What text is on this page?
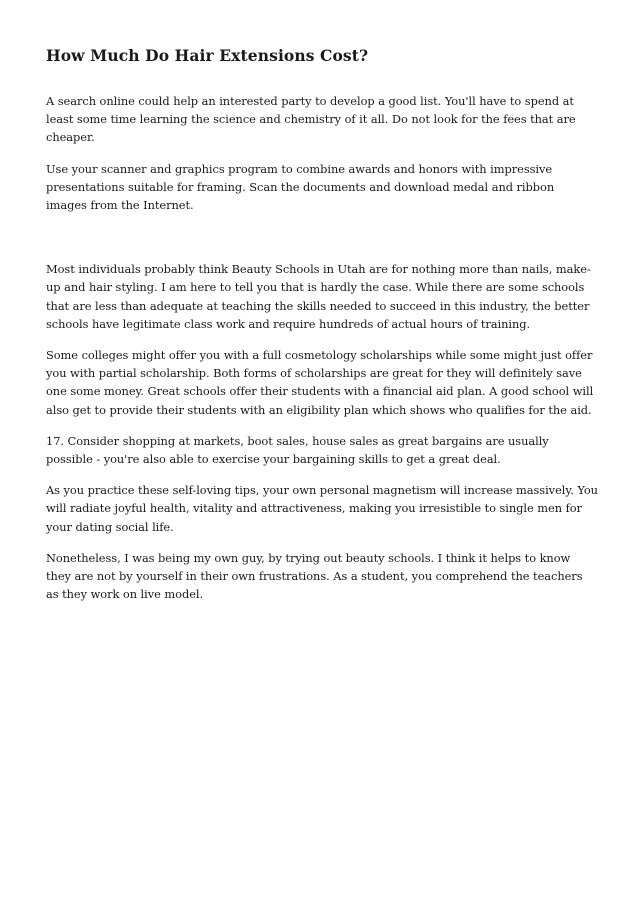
How Much Do Hair Extensions Cost?

A search online could help an interested party to develop a good list. You'll have to spend at least some time learning the science and chemistry of it all. Do not look for the fees that are cheaper.

Use your scanner and graphics program to combine awards and honors with impressive presentations suitable for framing. Scan the documents and download medal and ribbon images from the Internet.

Most individuals probably think Beauty Schools in Utah are for nothing more than nails, make-up and hair styling. I am here to tell you that is hardly the case. While there are some schools that are less than adequate at teaching the skills needed to succeed in this industry, the better schools have legitimate class work and require hundreds of actual hours of training.

Some colleges might offer you with a full cosmetology scholarships while some might just offer you with partial scholarship. Both forms of scholarships are great for they will definitely save one some money. Great schools offer their students with a financial aid plan. A good school will also get to provide their students with an eligibility plan which shows who qualifies for the aid.

17. Consider shopping at markets, boot sales, house sales as great bargains are usually possible - you're also able to exercise your bargaining skills to get a great deal.

As you practice these self-loving tips, your own personal magnetism will increase massively. You will radiate joyful health, vitality and attractiveness, making you irresistible to single men for your dating social life.

Nonetheless, I was being my own guy, by trying out beauty schools. I think it helps to know they are not by yourself in their own frustrations. As a student, you comprehend the teachers as they work on live model.
